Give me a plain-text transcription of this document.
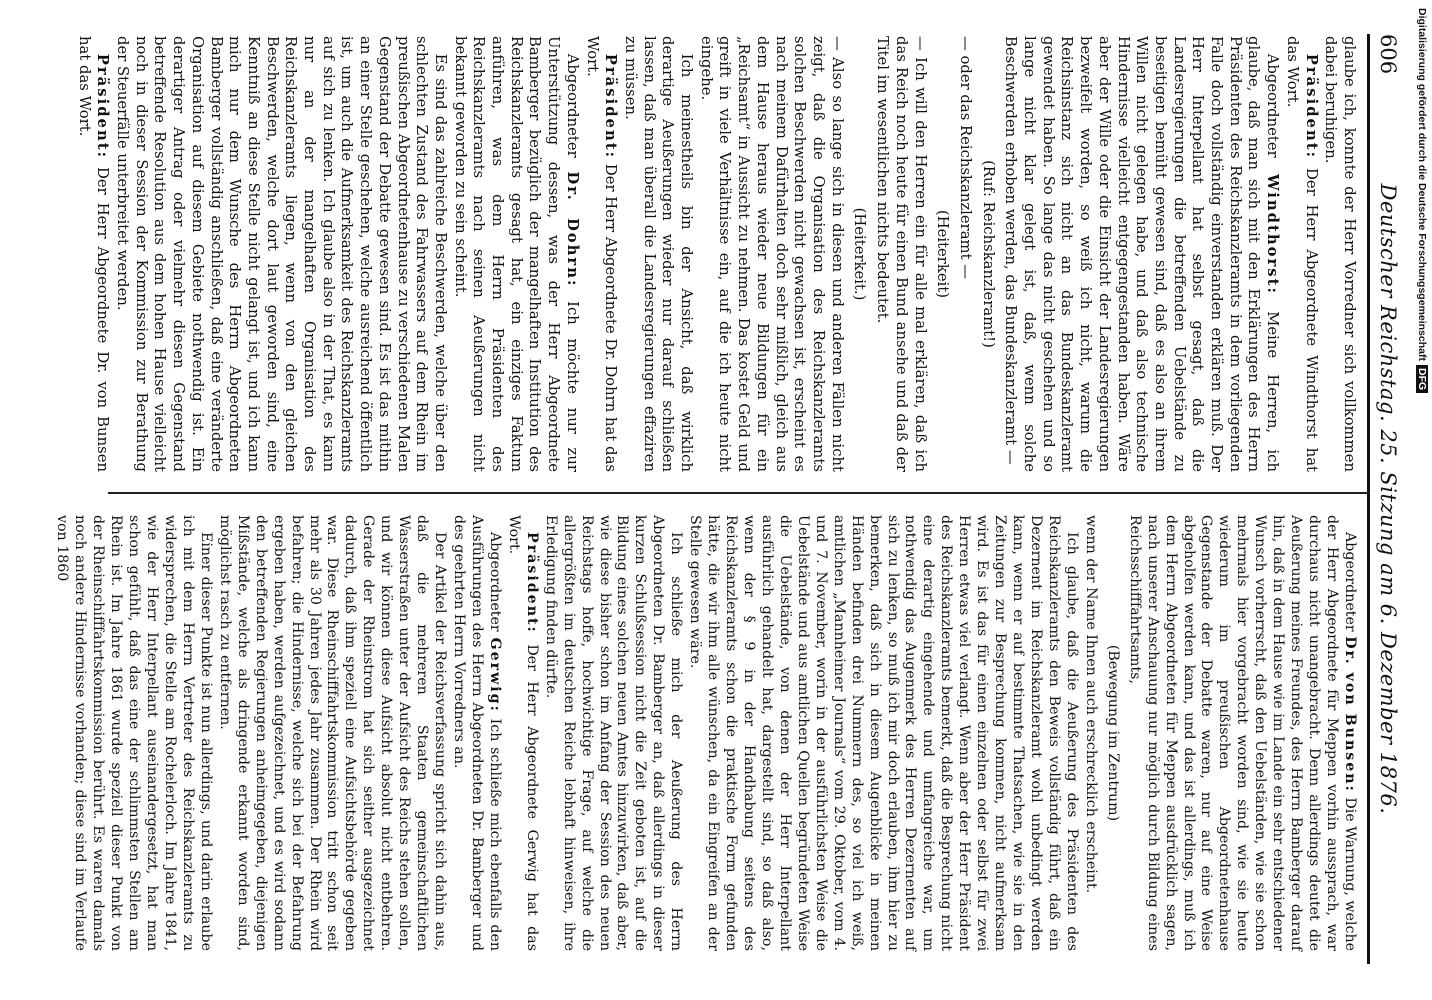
606
Deutscher Reichstag. 25. Sitzung am 6. Dezember 1876.

glaube ich, konnte der Herr Vorredner sich vollkommen dabei beruhigen.

Präsident: Der Herr Abgeordnete Windthorst hat das Wort.

Abgeordneter Windthorst: Meine Herren, ich glaube, daß man sich mit den Erklärungen des Herrn Präsidenten des Reichskanzleramts in dem vorliegenden Falle doch vollständig einverstanden erklären muß. Der Herr Interpellant hat selbst gesagt, daß die Landesregierungen die betreffenden Uebelstände zu beseitigen bemüht gewesen sind, daß es also an ihrem Willen nicht gelegen habe, und daß also technische Hindernisse vielleicht entgegengestanden haben. Wäre aber der Wille oder die Einsicht der Landesregierungen bezweifelt worden, so weiß ich nicht, warum die Reichsinstanz sich nicht an das Bundeskanzleramt gewendet haben. So lange das nicht geschehen und so lange nicht klar gelegt ist, daß, wenn solche Beschwerden erhoben werden, das Bundeskanzleramt —

(Ruf: Reichskanzleramt!)

— oder das Reichskanzleramt —

(Heiterkeit)

— Ich will den Herren ein für alle mal erklären, daß ich das Reich noch heute für einen Bund ansehe und daß der Titel im wesentlichen nichts bedeutet.

(Heiterkeit.)

— Also so lange sich in diesen und anderen Fällen nicht zeigt, daß die Organisation des Reichskanzleramts solchen Beschwerden nicht gewachsen ist, erscheint es nach meinem Dafürhalten doch sehr mißlich, gleich aus dem Hause heraus wieder neue Bildungen für ein „Reichsamt“ in Aussicht zu nehmen. Das kostet Geld und greift in viele Verhältnisse ein, auf die ich heute nicht eingehe.

Ich meinestheils bin der Ansicht, daß wirklich derartige Aeußerungen wieder nur darauf schließen lassen, daß man überall die Landesregierungen effaziren zu müssen.

Präsident: Der Herr Abgeordnete Dr. Dohrn hat das Wort.

Abgeordneter Dr. Dohrn: Ich möchte nur zur Unterstützung dessen, was der Herr Abgeordnete Bamberger bezüglich der mangelhaften Institution des Reichskanzleramts gesagt hat, ein einziges Faktum anführen, was dem Herrn Präsidenten des Reichskanzleramts nach seinen Aeußerungen nicht bekannt geworden zu sein scheint.

Es sind das zahlreiche Beschwerden, welche über den schlechten Zustand des Fahrwassers auf dem Rhein im preußischen Abgeordnetenhause zu verschiedenen Malen Gegenstand der Debatte gewesen sind. Es ist das mithin an einer Stelle geschehen, welche ausreichend öffentlich ist, um auch die Aufmerksamkeit des Reichskanzleramts auf sich zu lenken. Ich glaube also in der That, es kann nur an der mangelhaften Organisation des Reichskanzleramts liegen, wenn von den gleichen Beschwerden, welche dort laut geworden sind, eine Kenntniß an diese Stelle nicht gelangt ist, und ich kann mich nur dem Wunsche des Herrn Abgeordneten Bamberger vollständig anschließen, daß eine veränderte Organisation auf diesem Gebiete nothwendig ist. Ein derartiger Antrag oder vielmehr diesen Gegenstand betreffende Resolution aus dem hohen Hause vielleicht noch in dieser Session der Kommission zur Berathung der Steuerfälle unterbreitet werden.

Präsident: Der Herr Abgeordnete Dr. von Bunsen hat das Wort.

Abgeordneter Dr. von Bunsen: Die Warnung, welche der Herr Abgeordnete für Meppen vorhin aussprach, war durchaus nicht unangebracht. Denn allerdings deutet die Aeußerung meines Freundes, des Herrn Bamberger darauf hin, daß in dem Hause wie im Lande ein sehr entschiedener Wunsch vorherrscht, daß den Uebelständen, wie sie schon mehrmals hier vorgebracht worden sind, wie sie heute wiederum im preußischen Abgeordnetenhause Gegenstande der Debatte waren, nur auf eine Weise abgeholfen werden kann, und das ist allerdings, muß ich dem Herrn Abgeordneten für Meppen ausdrücklich sagen, nach unserer Anschauung nur möglich durch Bildung eines Reichsschifffahrtsamts,

(Bewegung im Zentrum)

wenn der Name Ihnen auch erschrecklich erscheint.

Ich glaube, daß die Aeußerung des Präsidenten des Reichskanzleramts den Beweis vollständig führt, daß ein Dezernent im Reichskanzleramt wohl unbedingt werden kann, wenn er auf bestimmte Thatsachen, wie sie in den Zeitungen zur Besprechung kommen, nicht aufmerksam wird. Es ist das für einen einzelnen oder selbst für zwei Herren etwas viel verlangt. Wenn aber der Herr Präsident des Reichskanzleramts bemerkt, daß die Besprechung nicht eine derartig eingehende und umfangreiche war, um nothwendig das Augenmerk des Herren Dezernenten auf sich zu lenken, so muß ich mir doch erlauben, ihm hier zu bemerken, daß sich in diesem Augenblicke in meinen Händen befinden drei Nummern des, so viel ich weiß, amtlichen „Mannheimer Journals“ vom 29. Oktober, vom 4. und 7. November, worin in der ausführlichsten Weise die Uebelstände und aus amtlichen Quellen begründeten Weise die Uebelstände, von denen der Herr Interpellant ausführlich gehandelt hat, dargestellt sind, so daß also, wenn der § 9 in der Handhabung seitens des Reichskanzleramts schon die praktische Form gefunden hätte, die wir ihm alle wünschen, da ein Eingreifen an der Stelle gewesen wäre.

Ich schließe mich der Aeußerung des Herrn Abgeordneten Dr. Bamberger an, daß allerdings in dieser kurzen Schlußsession nicht die Zeit geboten ist, auf die Bildung eines solchen neuen Amtes hinzuwirken, daß aber, wie diese bisher schon im Anfang der Session des neuen Reichstags hoffe, hochwichtige Frage, auf welche die allergrößten im deutschen Reiche lebhaft hinweisen, ihre Erledigung finden dürfte.

Präsident: Der Herr Abgeordnete Gerwig hat das Wort.

Abgeordneter Gerwig: Ich schließe mich ebenfalls den Ausführungen des Herrn Abgeordneten Dr. Bamberger und des geehrten Herrn Vorredners an.

Der Artikel der Reichsverfassung spricht sich dahin aus, daß die mehreren Staaten gemeinschaftlichen Wasserstraßen unter der Aufsicht des Reichs stehen sollen, und wir können diese Aufsicht absolut nicht entbehren. Gerade der Rheinstrom hat sich seither ausgezeichnet dadurch, daß ihm speziell eine Aufsichtsbehörde gegeben war. Diese Rheinschifffahrtskommission tritt schon seit mehr als 30 Jahren jedes Jahr zusammen. Der Rhein wird befahren; die Hindernisse, welche sich bei der Befahrung ergeben haben, werden aufgezeichnet, und es wird sodann den betreffenden Regierungen anheimgegeben, diejenigen Mißstände, welche als dringende erkannt worden sind, möglichst rasch zu entfernen.

Einer dieser Punkte ist nun allerdings, und darin erlaube ich mit dem Herrn Vertreter des Reichskanzleramts zu widersprechen, die Stelle am Rochelerloch. Im Jahre 1841, wie der Herr Interpellant auseinandergesetzt, hat man schon gefühlt, daß das eine der schlimmsten Stellen am Rhein ist. Im Jahre 1861 wurde speziell dieser Punkt von der Rheinschifffahrtskommission berührt. Es waren damals noch andere Hindernisse vorhanden; diese sind im Verlaufe von 1860

Digitalisierung gefördert durch die Deutsche ForschungsgemeinschaftDFG
